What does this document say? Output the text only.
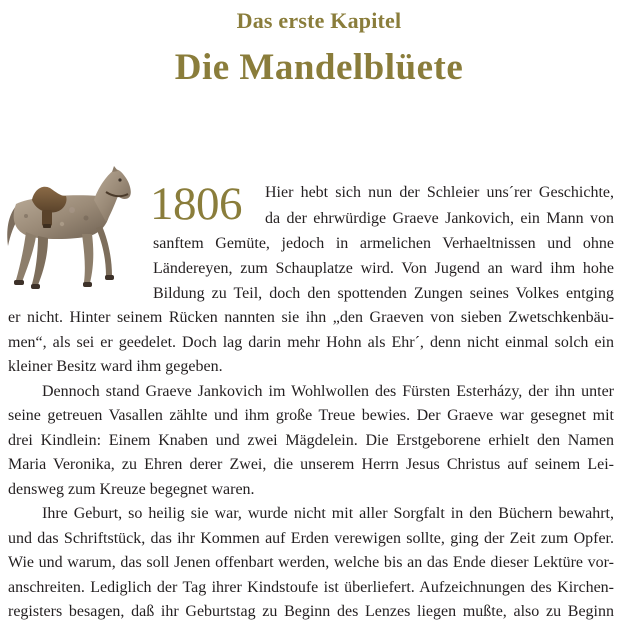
Das erste Kapitel
Die Mandelblüete
1806 Hier hebt sich nun der Schleier uns´rer Geschichte,
da der ehrwürdige Graeve Jankovich, ein Mann von
sanftem Gemüte, jedoch in armelichen Verhaeltnissen und ohne
Ländereyen, zum Schauplatze wird. Von Jugend an ward ihm hohe
Bildung zu Teil, doch den spottenden Zungen seines Volkes entging
er nicht. Hinter seinem Rücken nannten sie ihn „den Graeven von sieben Zwetschkenbäu-
men“, als sei er geedelet. Doch lag darin mehr Hohn als Ehr´, denn nicht einmal solch ein
kleiner Besitz ward ihm gegeben.
Dennoch stand Graeve Jankovich im Wohlwollen des Fürsten Esterházy, der ihn unter
seine getreuen Vasallen zählte und ihm große Treue bewies. Der Graeve war gesegnet mit
drei Kindlein: Einem Knaben und zwei Mägdelein. Die Erstgeborene erhielt den Namen
Maria Veronika, zu Ehren derer Zwei, die unserem Herrn Jesus Christus auf seinem Lei-
densweg zum Kreuze begegnet waren.
Ihre Geburt, so heilig sie war, wurde nicht mit aller Sorgfalt in den Büchern bewahrt,
und das Schriftstück, das ihr Kommen auf Erden verewigen sollte, ging der Zeit zum Opfer.
Wie und warum, das soll Jenen offenbart werden, welche bis an das Ende dieser Lektüre vor-
anschreiten. Lediglich der Tag ihrer Kindstoufe ist überliefert. Aufzeichnungen des Kirchen-
registers besagen, daß ihr Geburtstag zu Beginn des Lenzes liegen mußte, also zu Beginn
